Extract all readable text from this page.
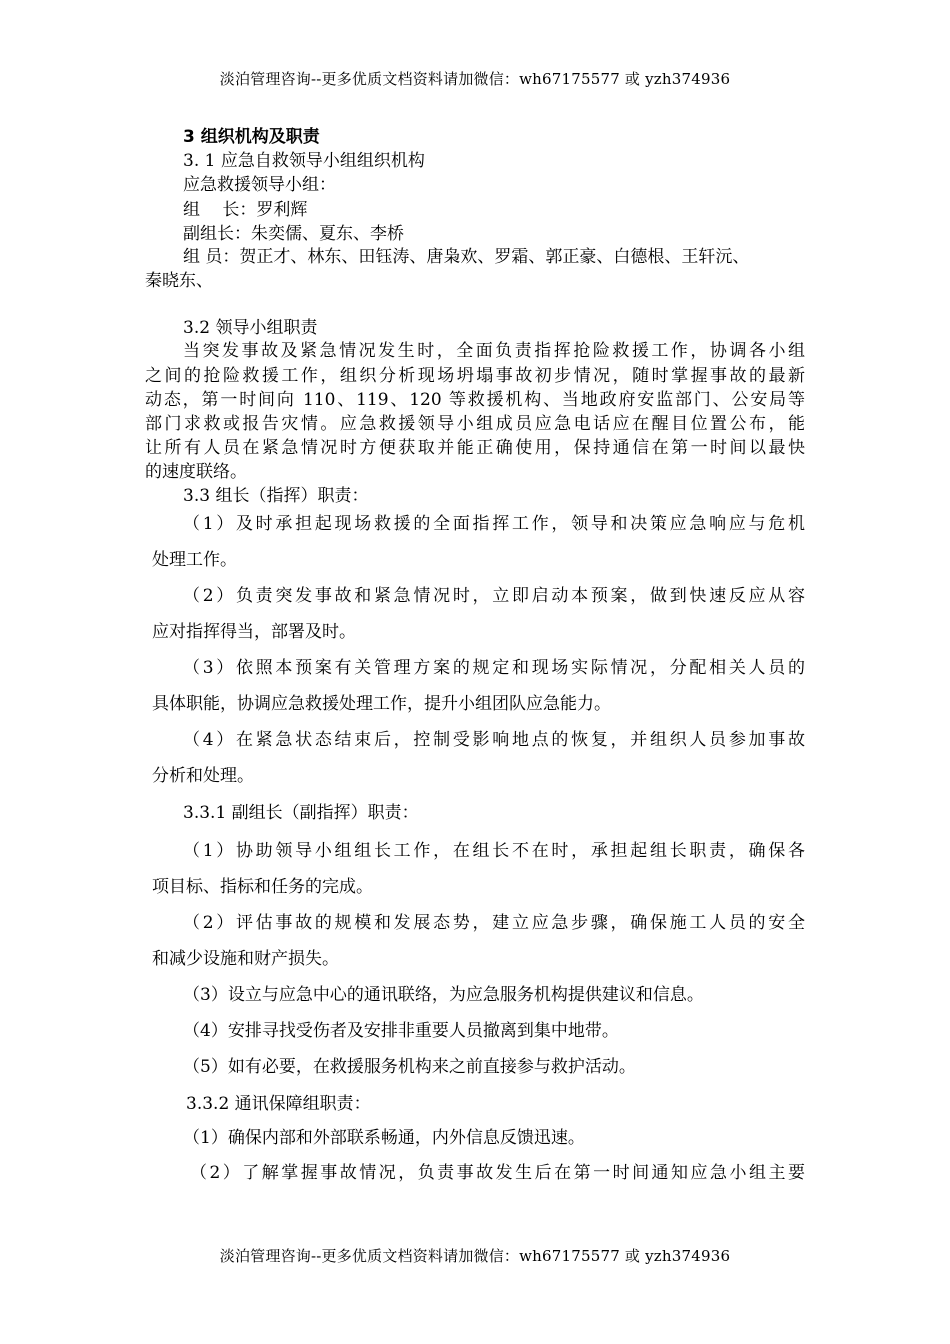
淡泊管理咨询--更多优质文档资料请加微信：wh67175577 或 yzh374936
3 组织机构及职责
3. 1 应急自救领导小组组织机构
应急救援领导小组：
组　 长：罗利辉
副组长：朱奕儒、夏东、李桥
组 员：贺正才、林东、田钰涛、唐枭欢、罗霜、郭正豪、白德根、王轩沅、
秦晓东、
3.2 领导小组职责
当突发事故及紧急情况发生时，全面负责指挥抢险救援工作，协调各小组
之间的抢险救援工作，组织分析现场坍塌事故初步情况，随时掌握事故的最新
动态，第一时间向 110、119、120 等救援机构、当地政府安监部门、公安局等
部门求救或报告灾情。应急救援领导小组成员应急电话应在醒目位置公布，能
让所有人员在紧急情况时方便获取并能正确使用，保持通信在第一时间以最快
的速度联络。
3.3 组长（指挥）职责：
（1）及时承担起现场救援的全面指挥工作，领导和决策应急响应与危机
处理工作。
（2）负责突发事故和紧急情况时，立即启动本预案，做到快速反应从容
应对指挥得当，部署及时。
（3）依照本预案有关管理方案的规定和现场实际情况，分配相关人员的
具体职能，协调应急救援处理工作，提升小组团队应急能力。
（4）在紧急状态结束后，控制受影响地点的恢复，并组织人员参加事故
分析和处理。
3.3.1 副组长（副指挥）职责：
（1）协助领导小组组长工作，在组长不在时，承担起组长职责，确保各
项目标、指标和任务的完成。
（2）评估事故的规模和发展态势，建立应急步骤，确保施工人员的安全
和减少设施和财产损失。
（3）设立与应急中心的通讯联络，为应急服务机构提供建议和信息。
（4）安排寻找受伤者及安排非重要人员撤离到集中地带。
（5）如有必要，在救援服务机构来之前直接参与救护活动。
3.3.2 通讯保障组职责：
（1）确保内部和外部联系畅通，内外信息反馈迅速。
（2）了解掌握事故情况，负责事故发生后在第一时间通知应急小组主要
淡泊管理咨询--更多优质文档资料请加微信：wh67175577 或 yzh374936
